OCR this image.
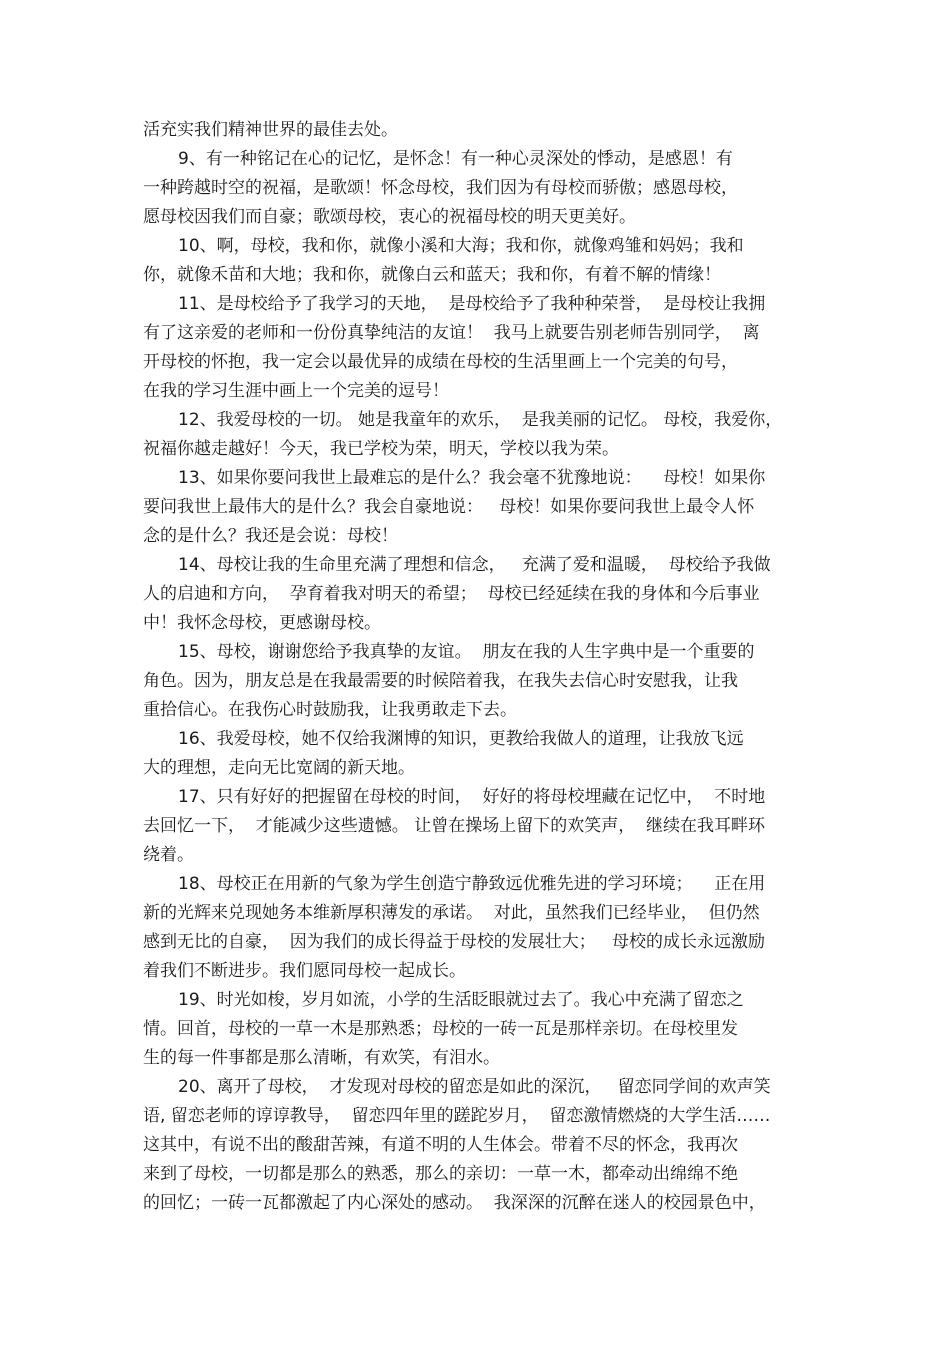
活充实我们精神世界的最佳去处。
9、有一种铭记在心的记忆，是怀念！有一种心灵深处的悸动，是感恩！有
一种跨越时空的祝福，是歌颂！怀念母校，我们因为有母校而骄傲；感恩母校，
愿母校因我们而自豪；歌颂母校，衷心的祝福母校的明天更美好。
10、啊，母校，我和你，就像小溪和大海；我和你，就像鸡雏和妈妈；我和
你，就像禾苗和大地；我和你，就像白云和蓝天；我和你，有着不解的情缘！
11、是母校给予了我学习的天地，  是母校给予了我种种荣誉，  是母校让我拥
有了这亲爱的老师和一份份真挚纯洁的友谊！  我马上就要告别老师告别同学，  离
开母校的怀抱，我一定会以最优异的成绩在母校的生活里画上一个完美的句号，
在我的学习生涯中画上一个完美的逗号！
12、我爱母校的一切。 她是我童年的欢乐，  是我美丽的记忆。 母校，我爱你，
祝福你越走越好！今天，我已学校为荣，明天，学校以我为荣。
13、如果你要问我世上最难忘的是什么？我会毫不犹豫地说：    母校！如果你
要问我世上最伟大的是什么？我会自豪地说：   母校！如果你要问我世上最令人怀
念的是什么？我还是会说：母校！
14、母校让我的生命里充满了理想和信念，   充满了爱和温暖，  母校给予我做
人的启迪和方向，  孕育着我对明天的希望；  母校已经延续在我的身体和今后事业
中！我怀念母校，更感谢母校。
15、母校，谢谢您给予我真挚的友谊。  朋友在我的人生字典中是一个重要的
角色。因为，朋友总是在我最需要的时候陪着我，在我失去信心时安慰我，让我
重拾信心。在我伤心时鼓励我，让我勇敢走下去。
16、我爱母校，她不仅给我渊博的知识，更教给我做人的道理，让我放飞远
大的理想，走向无比宽阔的新天地。
17、只有好好的把握留在母校的时间，  好好的将母校埋藏在记忆中，  不时地
去回忆一下，  才能减少这些遗憾。 让曾在操场上留下的欢笑声，  继续在我耳畔环
绕着。
18、母校正在用新的气象为学生创造宁静致远优雅先进的学习环境；    正在用
新的光辉来兑现她务本维新厚积薄发的承诺。  对此，虽然我们已经毕业，  但仍然
感到无比的自豪，  因为我们的成长得益于母校的发展壮大；   母校的成长永远激励
着我们不断进步。我们愿同母校一起成长。
19、时光如梭，岁月如流，小学的生活眨眼就过去了。我心中充满了留恋之
情。回首，母校的一草一木是那熟悉；母校的一砖一瓦是那样亲切。在母校里发
生的每一件事都是那么清晰，有欢笑，有泪水。
20、离开了母校，  才发现对母校的留恋是如此的深沉，   留恋同学间的欢声笑
语, 留恋老师的谆谆教导，  留恋四年里的蹉跎岁月，  留恋激情燃烧的大学生活……
这其中，有说不出的酸甜苦辣，有道不明的人生体会。带着不尽的怀念，我再次
来到了母校，一切都是那么的熟悉，那么的亲切：一草一木，都牵动出绵绵不绝
的回忆；一砖一瓦都激起了内心深处的感动。  我深深的沉醉在迷人的校园景色中，
